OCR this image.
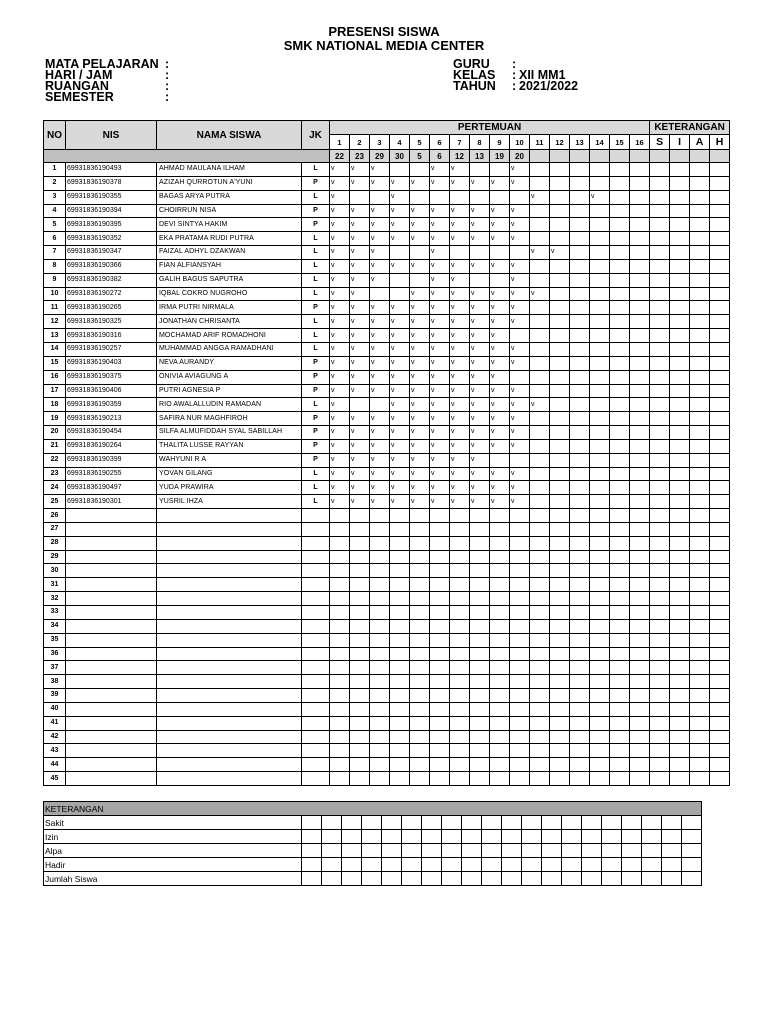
PRESENSI SISWA
SMK NATIONAL MEDIA CENTER
MATA PELAJARAN :
HARI / JAM	:
RUANGAN	:
SEMESTER	:
GURU :
KELAS : XII MM1
TAHUN : 2021/2022
NO	NIS	NAMA SISWA	JK	PERTEMUAN																KETERANGAN			
				1	2	3	4	5	6	7	8	9	10	11	12	13	14	15	16	S	I	A	H
				22	23	29	30	5	6	12	13	19	20										
1	69931836190493	AHMAD MAULANA ILHAM	L	v	v	v			v	v			v										
2	69931836190378	AZIZAH QURROTUN A'YUNI	P	v	v	v	v	v	v	v	v	v	v										
3	69931836190355	BAGAS ARYA PUTRA	L	v			v							v			v						
4	69931836190394	CHOIRRUN NISA	P	v	v	v	v	v	v	v	v	v	v										
5	69931836190395	DEVI SINTYA HAKIM	P	v	v	v	v	v	v	v	v	v	v										
6	69931836190352	EKA PRATAMA RUDI PUTRA	L	v	v	v	v	v	v	v	v	v	v										
7	69931836190347	FAIZAL ADHYL DZAKWAN	L	v	v	v			v					v	v								
8	69931836190366	FIAN ALFIANSYAH	L	v	v	v	v	v	v	v	v	v	v										
9	69931836190382	GALIH BAGUS SAPUTRA	L	v	v	v			v	v			v										
10	69931836190272	IQBAL COKRO NUGROHO	L	v	v			v	v	v	v	v	v	v									
11	69931836190265	IRMA PUTRI NIRMALA	P	v	v	v	v	v	v	v	v	v	v										
12	69931836190325	JONATHAN CHRISANTA	L	v	v	v	v	v	v	v	v	v	v										
13	69931836190316	MOCHAMAD ARIF ROMADHONI	L	v	v	v	v	v	v	v	v	v											
14	69931836190257	MUHAMMAD ANGGA RAMADHANI	L	v	v	v	v	v	v	v	v	v	v										
15	69931836190403	NEVA AURANDY	P	v	v	v	v	v	v	v	v	v	v										
16	69931836190375	ONIVIA AVIAGUNG A	P	v	v	v	v	v	v	v	v	v											
17	69931836190406	PUTRI AGNESIA P	P	v	v	v	v	v	v	v	v	v	v										
18	69931836190359	RIO AWALALLUDIN RAMADAN	L	v			v	v	v	v	v	v	v	v									
19	69931836190213	SAFIRA NUR MAGHFIROH	P	v	v	v	v	v	v	v	v	v	v										
20	69931836190454	SILFA ALMUFIDDAH SYAL SABILLAH	P	v	v	v	v	v	v	v	v	v	v										
21	69931836190264	THALITA LUSSE RAYYAN	P	v	v	v	v	v	v	v	v	v	v										
22	69931836190399	WAHYUNI R A	P	v	v	v	v	v	v	v	v												
23	69931836190255	YOVAN GILANG	L	v	v	v	v	v	v	v	v	v	v										
24	69931836190497	YUDA PRAWIRA	L	v	v	v	v	v	v	v	v	v	v										
25	69931836190301	YUSRIL IHZA	L	v	v	v	v	v	v	v	v	v	v										
26																							
27																							
28																							
29																							
30																							
31																							
32																							
33																							
34																							
35																							
36																							
37																							
38																							
39																							
40																							
41																							
42																							
43																							
44																							
45																							
KETERANGAN																				
Sakit																				
Izin																				
Alpa																				
Hadir																				
Jumlah Siswa																				
